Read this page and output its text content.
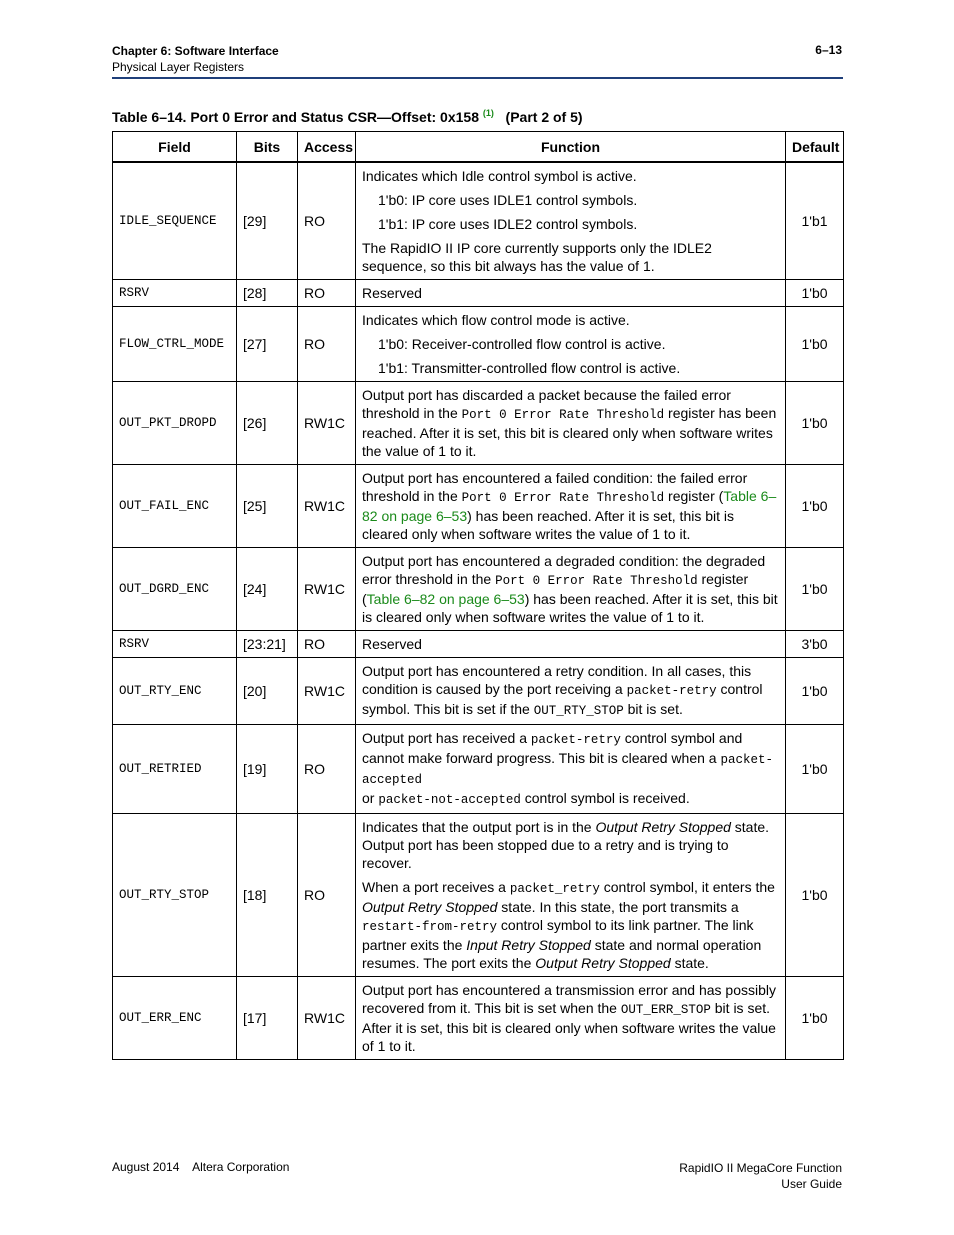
Chapter 6: Software Interface
Physical Layer Registers
6–13
Table 6–14. Port 0 Error and Status CSR—Offset: 0x158 $^{(1)}$ (Part 2 of 5)
Field	Bits	Access	Function	Default
IDLE_SEQUENCE	[29]	RO	Indicates which Idle control symbol is active.

1'b0: IP core uses IDLE1 control symbols.

1'b1: IP core uses IDLE2 control symbols.

The RapidIO II IP core currently supports only the IDLE2 sequence, so this bit always has the value of 1.	1'b1
RSRV	[28]	RO	Reserved	1'b0
FLOW_CTRL_MODE	[27]	RO	Indicates which flow control mode is active.

1'b0: Receiver-controlled flow control is active.

1'b1: Transmitter-controlled flow control is active.	1'b0
OUT_PKT_DROPD	[26]	RW1C	Output port has discarded a packet because the failed error threshold in the Port 0 Error Rate Threshold register has been reached. After it is set, this bit is cleared only when software writes the value of 1 to it.	1'b0
OUT_FAIL_ENC	[25]	RW1C	Output port has encountered a failed condition: the failed error threshold in the Port 0 Error Rate Threshold register (Table 6–82 on page 6–53) has been reached. After it is set, this bit is cleared only when software writes the value of 1 to it.	1'b0
OUT_DGRD_ENC	[24]	RW1C	Output port has encountered a degraded condition: the degraded error threshold in the Port 0 Error Rate Threshold register (Table 6–82 on page 6–53) has been reached. After it is set, this bit is cleared only when software writes the value of 1 to it.	1'b0
RSRV	[23:21]	RO	Reserved	3'b0
OUT_RTY_ENC	[20]	RW1C	Output port has encountered a retry condition. In all cases, this condition is caused by the port receiving a packet-retry control symbol. This bit is set if the OUT_RTY_STOP bit is set.	1'b0
OUT_RETRIED	[19]	RO	Output port has received a packet-retry control symbol and cannot make forward progress. This bit is cleared when a packet-accepted
or packet-not-accepted control symbol is received.	1'b0
OUT_RTY_STOP	[18]	RO	Indicates that the output port is in the Output Retry Stopped state. Output port has been stopped due to a retry and is trying to recover.

When a port receives a packet_retry control symbol, it enters the Output Retry Stopped state. In this state, the port transmits a restart-from-retry control symbol to its link partner. The link partner exits the Input Retry Stopped state and normal operation resumes. The port exits the Output Retry Stopped state.	1'b0
OUT_ERR_ENC	[17]	RW1C	Output port has encountered a transmission error and has possibly recovered from it. This bit is set when the OUT_ERR_STOP bit is set. After it is set, this bit is cleared only when software writes the value of 1 to it.	1'b0
August 2014    Altera Corporation	RapidIO II MegaCore Function
User Guide
